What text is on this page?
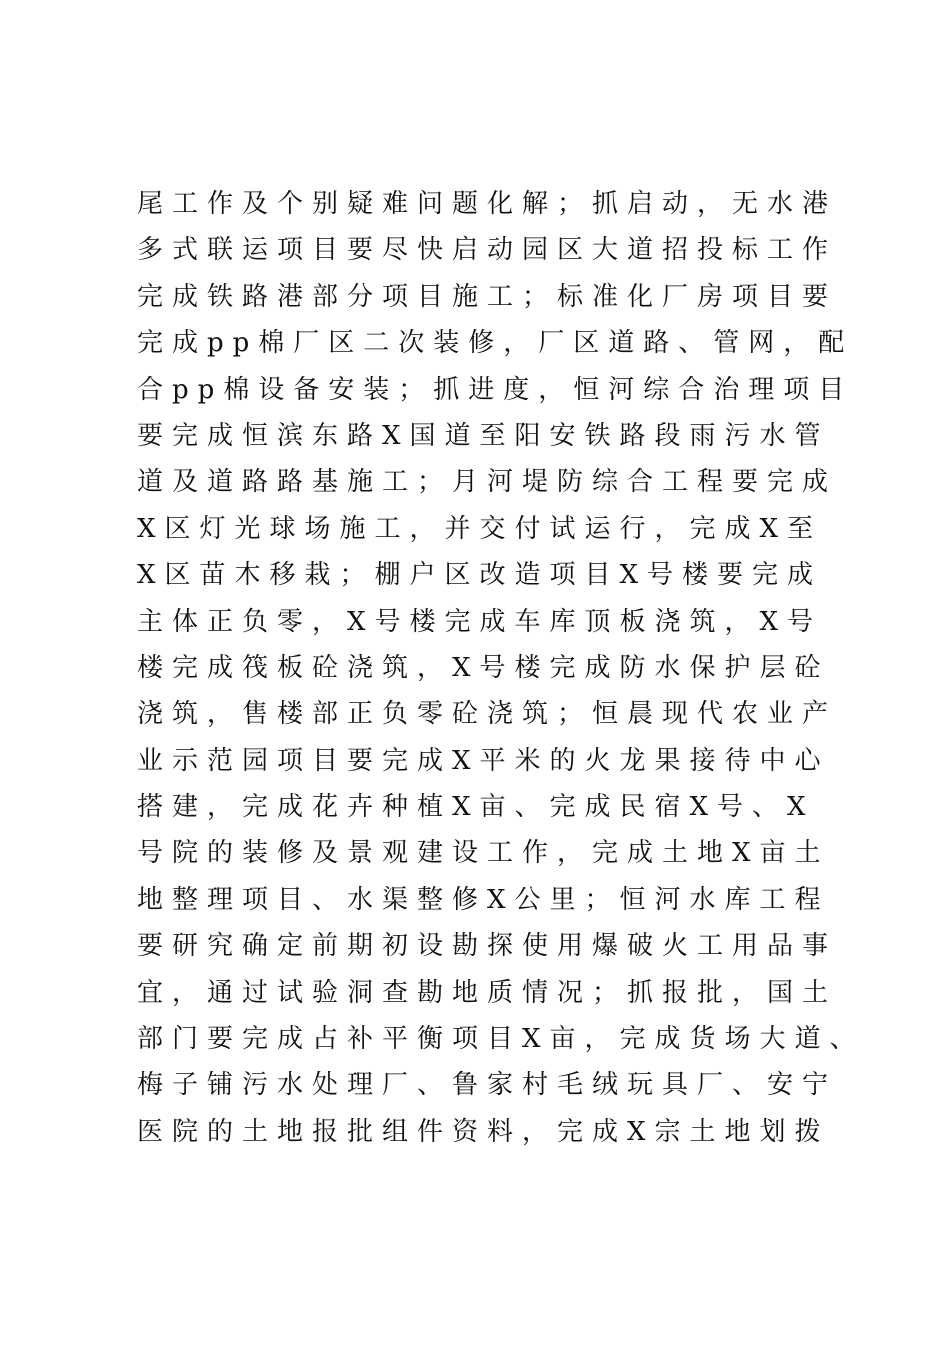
尾工作及个别疑难问题化解；抓启动，无水港
多式联运项目要尽快启动园区大道招投标工作
完成铁路港部分项目施工；标准化厂房项目要
完成pp棉厂区二次装修，厂区道路、管网，配
合pp棉设备安装；抓进度，恒河综合治理项目
要完成恒滨东路X国道至阳安铁路段雨污水管
道及道路路基施工；月河堤防综合工程要完成
X区灯光球场施工，并交付试运行，完成X至
X区苗木移栽；棚户区改造项目X号楼要完成
主体正负零，X号楼完成车库顶板浇筑，X号
楼完成筏板砼浇筑，X号楼完成防水保护层砼
浇筑，售楼部正负零砼浇筑；恒晨现代农业产
业示范园项目要完成X平米的火龙果接待中心
搭建，完成花卉种植X亩、完成民宿X号、X
号院的装修及景观建设工作，完成土地X亩土
地整理项目、水渠整修X公里；恒河水库工程
要研究确定前期初设勘探使用爆破火工用品事
宜，通过试验洞查勘地质情况；抓报批，国土
部门要完成占补平衡项目X亩，完成货场大道、
梅子铺污水处理厂、鲁家村毛绒玩具厂、安宁
医院的土地报批组件资料，完成X宗土地划拨
